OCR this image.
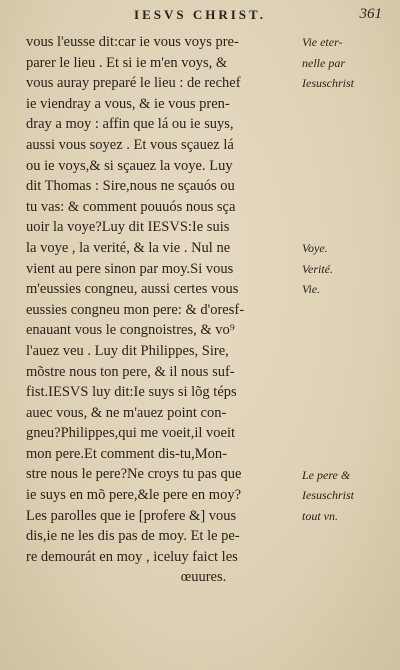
IESVS CHRIST.	361
vous l'eusse dit:car ie vous voys pre-
parer le lieu . Et si ie m'en voys, &
vous auray preparé le lieu : de rechef
ie viendray a vous, & ie vous pren-
dray a moy : affin que lá ou ie suys,
aussi vous soyez . Et vous sçauez lá
ou ie voys,& si sçauez la voye. Luy
dit Thomas : Sire,nous ne sçauós ou
tu vas: & comment pouuós nous sça
uoir la voye?Luy dit IESVS:Ie suis
la voye , la verité, & la vie . Nul ne
vient au pere sinon par moy.Si vous
m'eussies congneu, aussi certes vous
eussies congneu mon pere: & d'oresf-
enauant vous le congnoistres, & vo⁹
l'auez veu . Luy dit Philippes, Sire,
mõstre nous ton pere, & il nous suf-
fist.IESVS luy dit:Ie suys si lõg téps
auec vous, & ne m'auez point con-
gneu?Philippes,qui me voeit,il voeit
mon pere.Et comment dis-tu,Mon-
stre nous le pere?Ne croys tu pas que
ie suys en mõ pere,&le pere en moy?
Les parolles que ie [profere &] vous
dis,ie ne les dis pas de moy. Et le pe-
re demourát en moy , iceluy faict les
œuures.
Vie eter-
nelle par
Iesuschrist
Voye.
Verité.
Vie.
Le pere &
Iesuschrist
tout vn.
